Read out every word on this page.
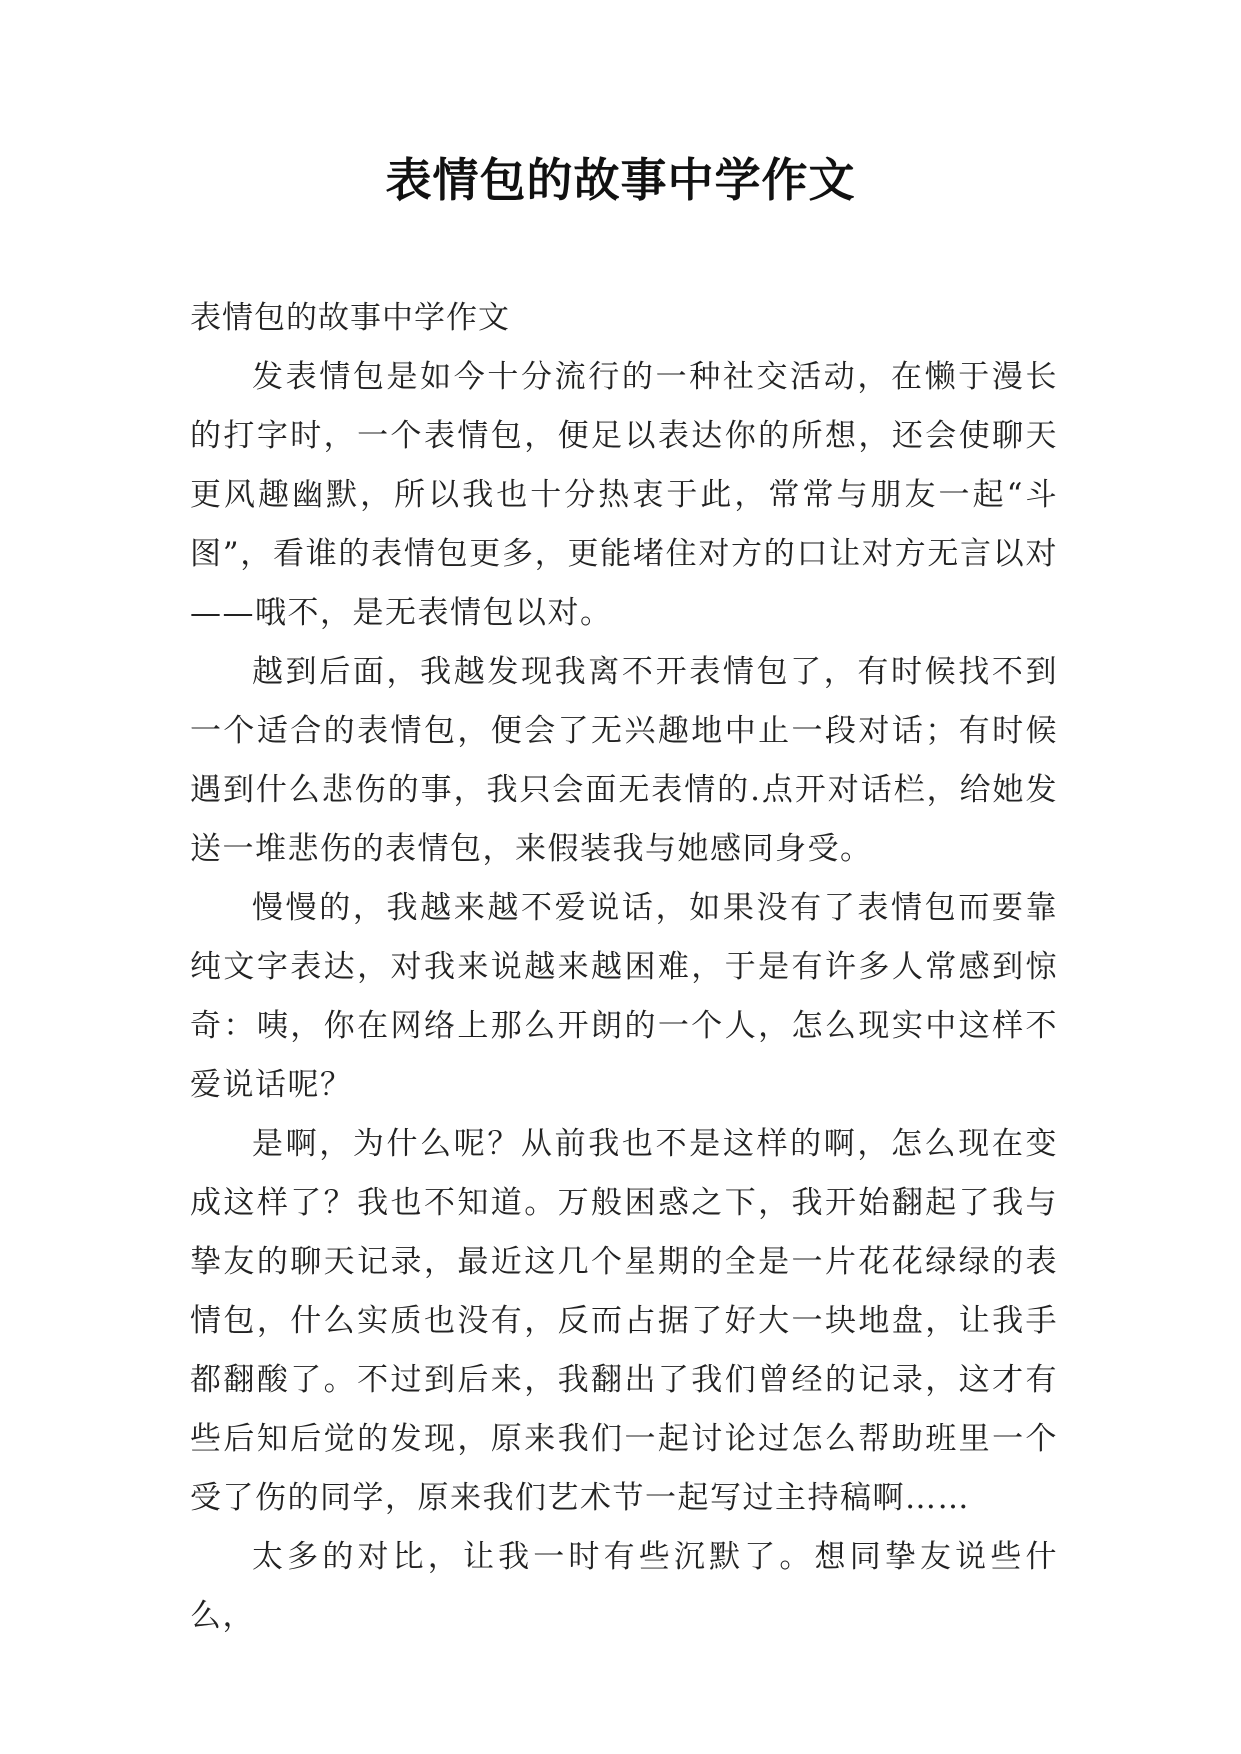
表情包的故事中学作文

表情包的故事中学作文

发表情包是如今十分流行的一种社交活动，在懒于漫长的打字时，一个表情包，便足以表达你的所想，还会使聊天更风趣幽默，所以我也十分热衷于此，常常与朋友一起“斗图”，看谁的表情包更多，更能堵住对方的口让对方无言以对——哦不，是无表情包以对。

越到后面，我越发现我离不开表情包了，有时候找不到一个适合的表情包，便会了无兴趣地中止一段对话；有时候遇到什么悲伤的事，我只会面无表情的.点开对话栏，给她发送一堆悲伤的表情包，来假装我与她感同身受。

慢慢的，我越来越不爱说话，如果没有了表情包而要靠纯文字表达，对我来说越来越困难，于是有许多人常感到惊奇：咦，你在网络上那么开朗的一个人，怎么现实中这样不爱说话呢？

是啊，为什么呢？从前我也不是这样的啊，怎么现在变成这样了？我也不知道。万般困惑之下，我开始翻起了我与挚友的聊天记录，最近这几个星期的全是一片花花绿绿的表情包，什么实质也没有，反而占据了好大一块地盘，让我手都翻酸了。不过到后来，我翻出了我们曾经的记录，这才有些后知后觉的发现，原来我们一起讨论过怎么帮助班里一个受了伤的同学，原来我们艺术节一起写过主持稿啊……

太多的对比，让我一时有些沉默了。想同挚友说些什么，
